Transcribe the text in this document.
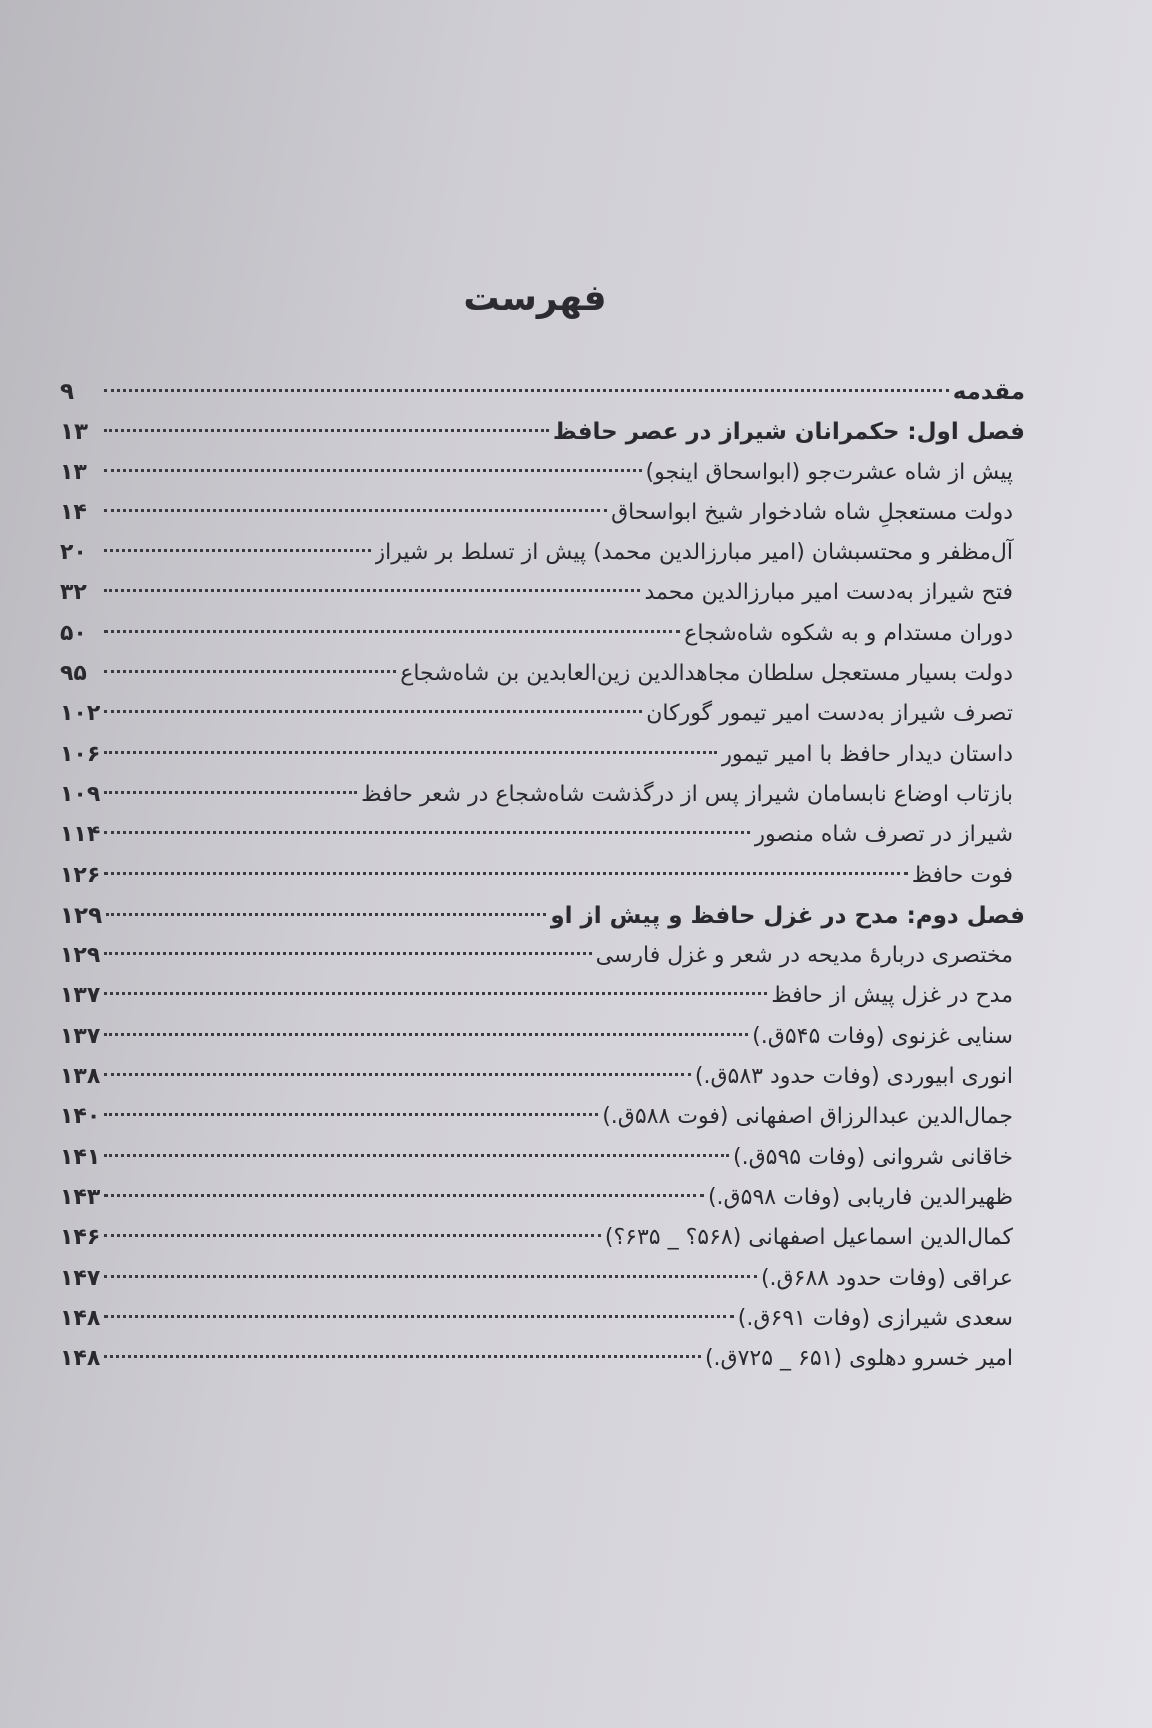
فهرست
مقدمه
۹
فصل اول: حکمرانان شیراز در عصر حافظ
۱۳
پیش از شاه عشرت‌جو (ابواسحاق اینجو)
۱۳
دولت مستعجلِ شاه شادخوار شیخ ابواسحاق
۱۴
آل‌مظفر و محتسبشان (امیر مبارزالدین محمد) پیش از تسلط بر شیراز
۲۰
فتح شیراز به‌دست امیر مبارزالدین محمد
۳۲
دوران مستدام و به شکوه شاه‌شجاع
۵۰
دولت بسیار مستعجل سلطان مجاهدالدین زین‌العابدین بن شاه‌شجاع
۹۵
تصرف شیراز به‌دست امیر تیمور گورکان
۱۰۲
داستان دیدار حافظ با امیر تیمور
۱۰۶
بازتاب اوضاع نابسامان شیراز پس از درگذشت شاه‌شجاع در شعر حافظ
۱۰۹
شیراز در تصرف شاه منصور
۱۱۴
فوت حافظ
۱۲۶
فصل دوم: مدح در غزل حافظ و پیش از او
۱۲۹
مختصری دربارهٔ مدیحه در شعر و غزل فارسی
۱۲۹
مدح در غزل پیش از حافظ
۱۳۷
سنایی غزنوی (وفات ۵۴۵ق.)
۱۳۷
انوری ابیوردی (وفات حدود ۵۸۳ق.)
۱۳۸
جمال‌الدین عبدالرزاق اصفهانی (فوت ۵۸۸ق.)
۱۴۰
خاقانی شروانی (وفات ۵۹۵ق.)
۱۴۱
ظهیرالدین فاریابی (وفات ۵۹۸ق.)
۱۴۳
کمال‌الدین اسماعیل اصفهانی (۵۶۸؟ _ ۶۳۵؟)
۱۴۶
عراقی (وفات حدود ۶۸۸ق.)
۱۴۷
سعدی شیرازی (وفات ۶۹۱ق.)
۱۴۸
امیر خسرو دهلوی (۶۵۱ _ ۷۲۵ق.)
۱۴۸
